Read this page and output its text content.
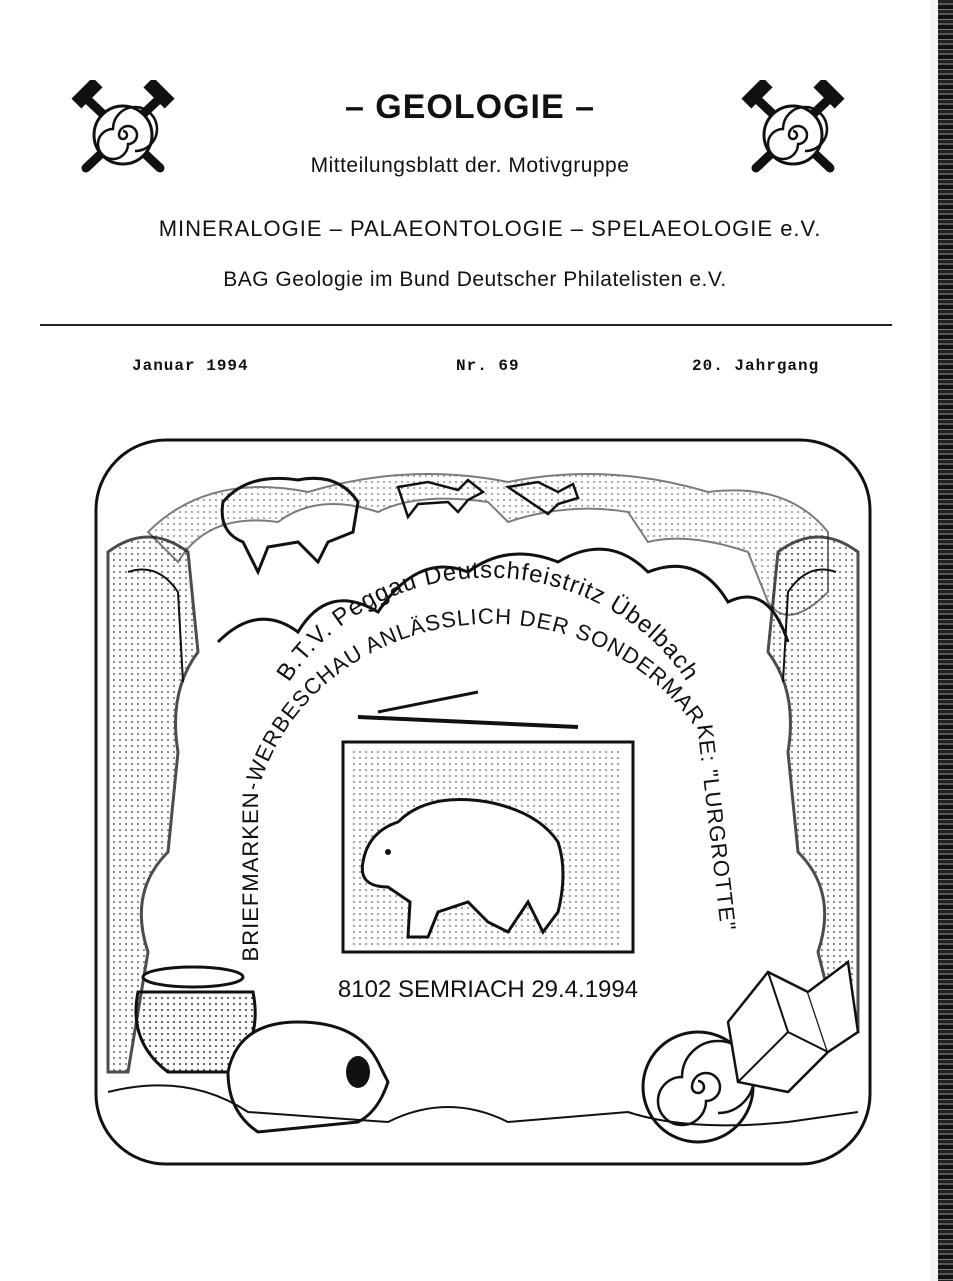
– GEOLOGIE –
Mitteilungsblatt der. Motivgruppe
MINERALOGIE – PALAEONTOLOGIE – SPELAEOLOGIE e.V.
BAG Geologie im Bund Deutscher Philatelisten e.V.
Januar 1994	Nr. 69	20. Jahrgang
B.T.V. Peggau Deutschfeistritz Übelbach
BRIEFMARKEN-WERBESCHAU ANLÄSSLICH DER SONDERMARKE: "LURGROTTE"
8102 SEMRIACH 29.4.1994
